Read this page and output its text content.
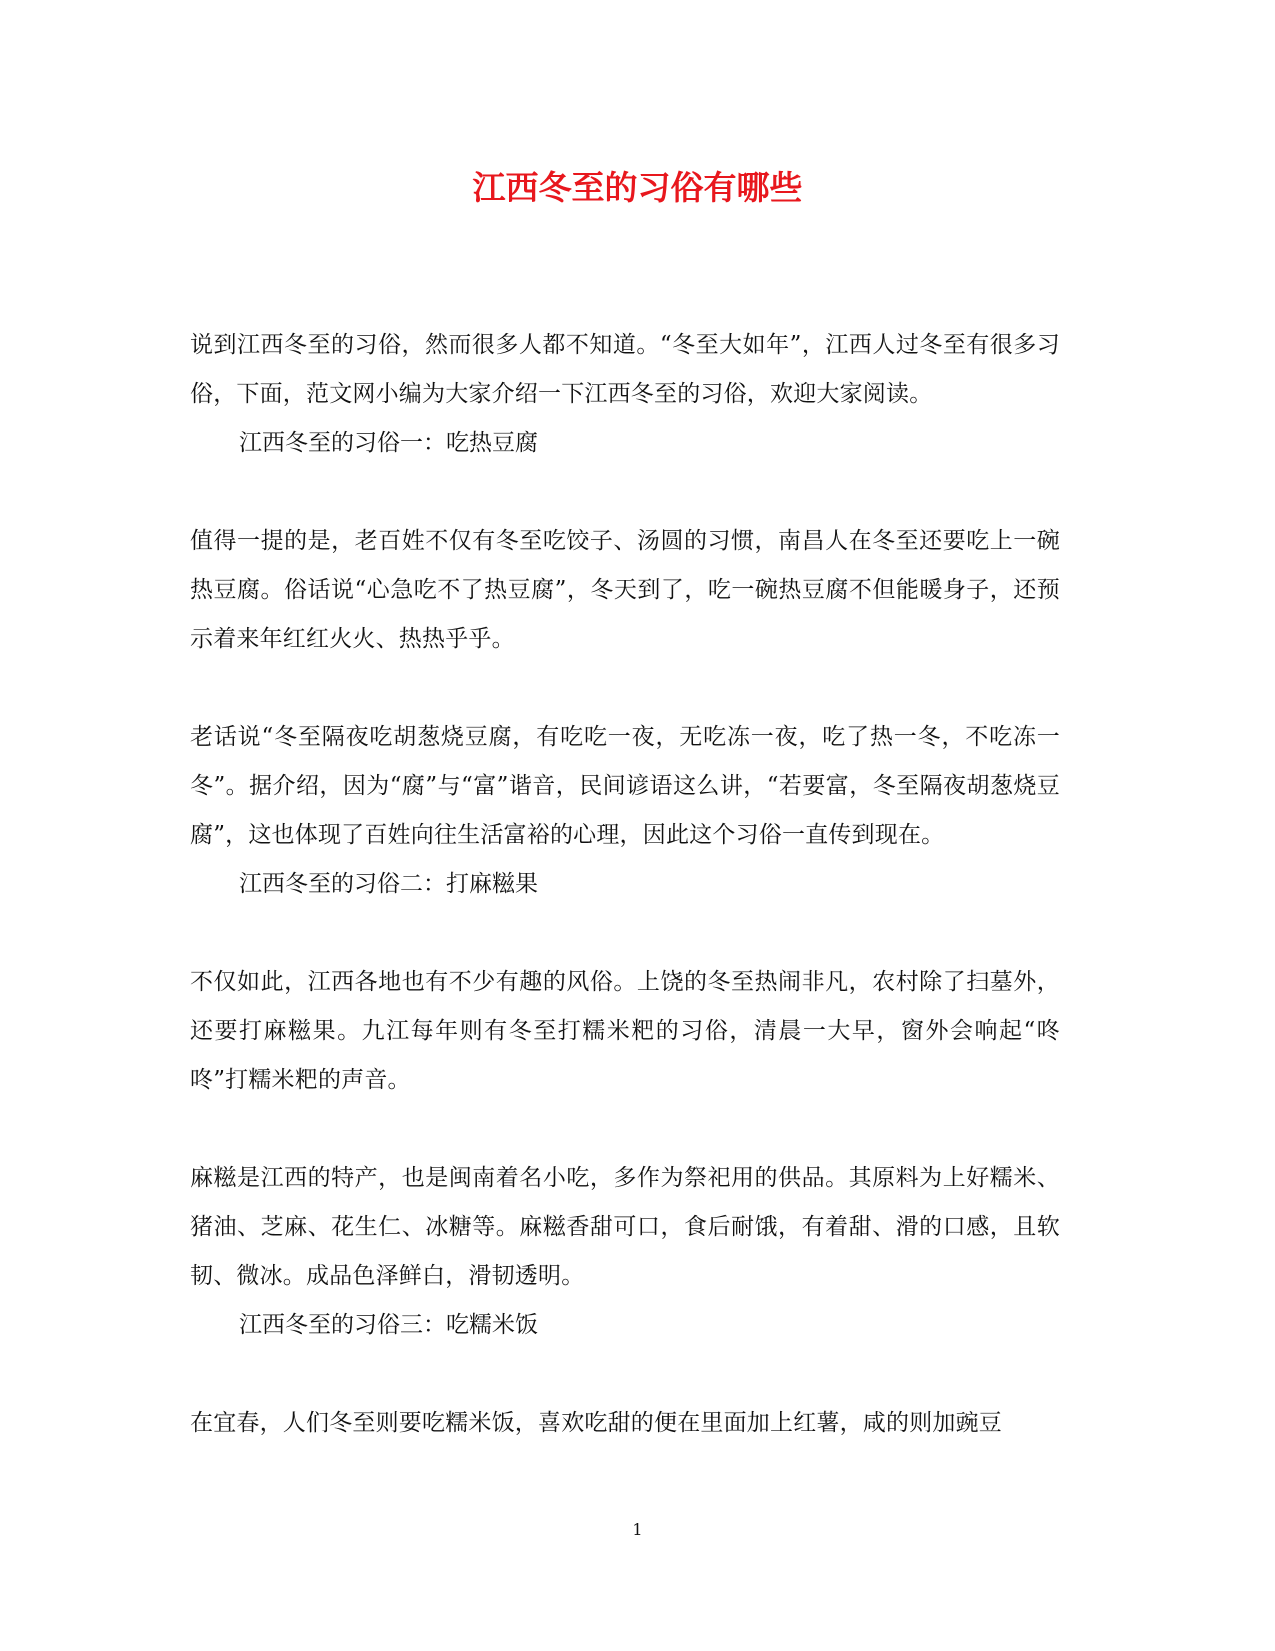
江西冬至的习俗有哪些

说到江西冬至的习俗，然而很多人都不知道。“冬至大如年”，江西人过冬至有很多习俗，下面，范文网小编为大家介绍一下江西冬至的习俗，欢迎大家阅读。

江西冬至的习俗一：吃热豆腐

值得一提的是，老百姓不仅有冬至吃饺子、汤圆的习惯，南昌人在冬至还要吃上一碗热豆腐。俗话说“心急吃不了热豆腐”，冬天到了，吃一碗热豆腐不但能暖身子，还预示着来年红红火火、热热乎乎。

老话说“冬至隔夜吃胡葱烧豆腐，有吃吃一夜，无吃冻一夜，吃了热一冬，不吃冻一冬”。据介绍，因为“腐”与“富”谐音，民间谚语这么讲，“若要富，冬至隔夜胡葱烧豆腐”，这也体现了百姓向往生活富裕的心理，因此这个习俗一直传到现在。

江西冬至的习俗二：打麻糍果

不仅如此，江西各地也有不少有趣的风俗。上饶的冬至热闹非凡，农村除了扫墓外，还要打麻糍果。九江每年则有冬至打糯米粑的习俗，清晨一大早，窗外会响起“咚咚”打糯米粑的声音。

麻糍是江西的特产，也是闽南着名小吃，多作为祭祀用的供品。其原料为上好糯米、猪油、芝麻、花生仁、冰糖等。麻糍香甜可口，食后耐饿，有着甜、滑的口感，且软韧、微冰。成品色泽鲜白，滑韧透明。

江西冬至的习俗三：吃糯米饭

在宜春，人们冬至则要吃糯米饭，喜欢吃甜的便在里面加上红薯，咸的则加豌豆

1
